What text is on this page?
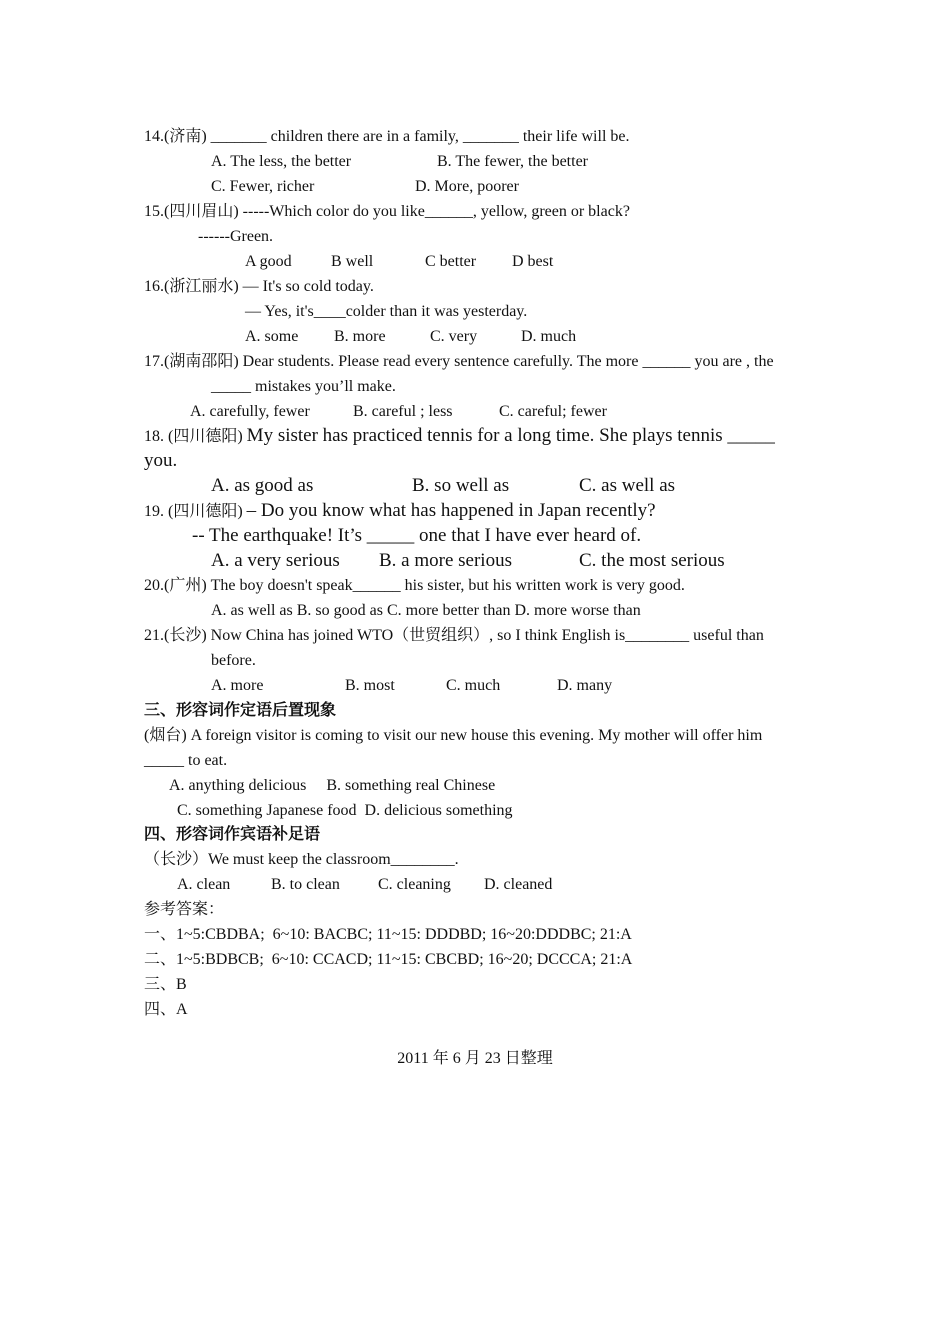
14.(济南) _______ children there are in a family, _______ their life will be.
A. The less, the better	B. The fewer, the better
C. Fewer, richer	D. More, poorer
15.(四川眉山) -----Which color do you like______, yellow, green or black?
------Green.
A good B well	C better D best
16.(浙江丽水) — It's so cold today.
— Yes, it's____colder than it was yesterday.
A. some B. more	C. very	D. much
17.(湖南邵阳) Dear students. Please read every sentence carefully. The more ______ you are , the
_____ mistakes you’ll make.
A. carefully, fewer	B. careful ; less	C. careful; fewer
18. (四川德阳) My sister has practiced tennis for a long time. She plays tennis _____
you.
A. as good as	B. so well as	C. as well as
19. (四川德阳) – Do you know what has happened in Japan recently?
-- The earthquake! It’s _____ one that I have ever heard of.
A. a very serious B. a more serious	C. the most serious
20.(广州) The boy doesn't speak______ his sister, but his written work is very good.
A. as well as B. so good as C. more better than D. more worse than
21.(长沙) Now China has joined WTO（世贸组织）, so I think English is________ useful than
before.
A. more	B. most	C. much	D. many
三、形容词作定语后置现象
(烟台) A foreign visitor is coming to visit our new house this evening. My mother will offer him
_____ to eat.
A. anything delicious     B. something real Chinese
C. something Japanese food  D. delicious something
四、形容词作宾语补足语
（长沙）We must keep the classroom________.
A. clean	B. to clean C. cleaning D. cleaned
参考答案：
一、1~5:CBDBA;  6~10: BACBC; 11~15: DDDBD; 16~20:DDDBC; 21:A
二、1~5:BDBCB;  6~10: CCACD; 11~15: CBCBD; 16~20; DCCCA; 21:A
三、B
四、A
2011 年 6 月 23 日整理
